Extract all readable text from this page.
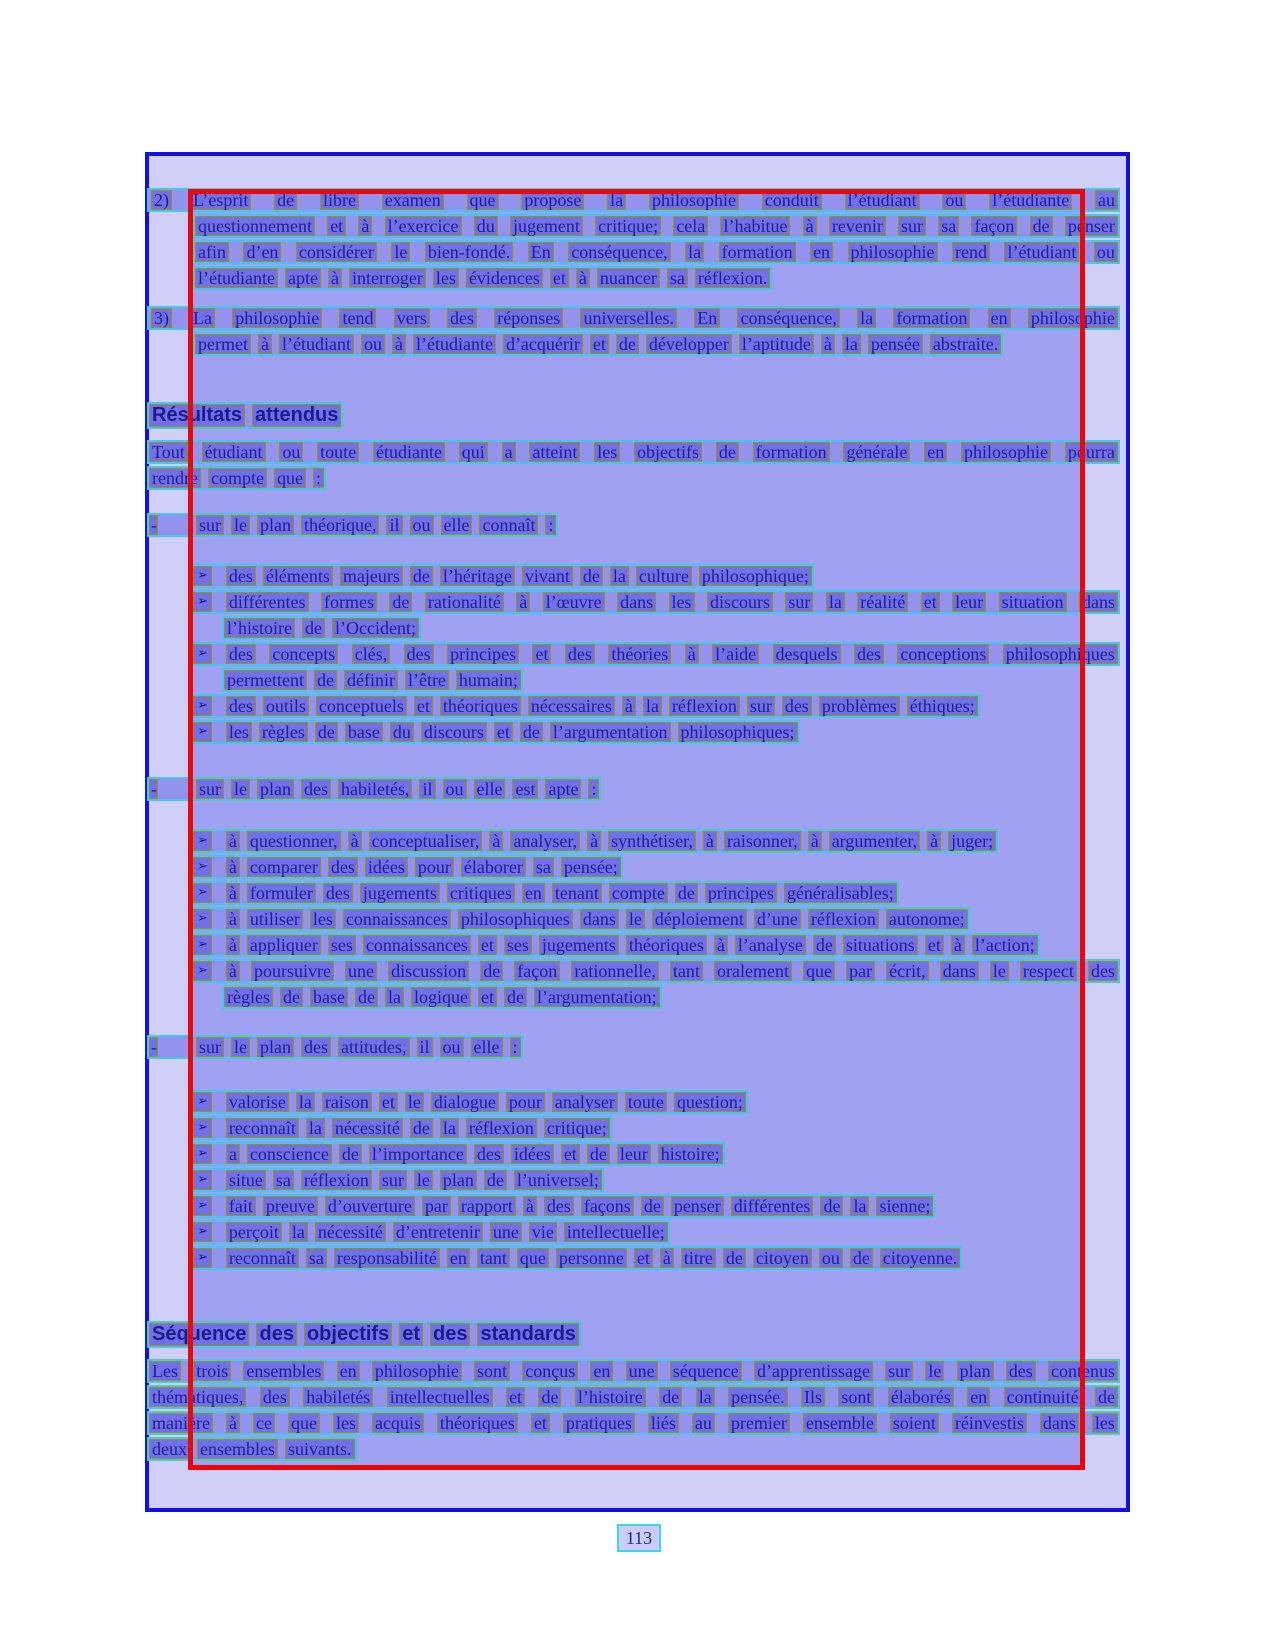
2) L’esprit de libre examen que propose la philosophie conduit l’étudiant ou l’étudiante au
questionnement et à l’exercice du jugement critique; cela l’habitue à revenir sur sa façon de penser
afin d’en considérer le bien-fondé. En conséquence, la formation en philosophie rend l’étudiant ou
l’étudiante apte à interroger les évidences et à nuancer sa réflexion.
3) La philosophie tend vers des réponses universelles. En conséquence, la formation en philosophie
permet à l’étudiant ou à l’étudiante d’acquérir et de développer l’aptitude à la pensée abstraite.
Résultats attendus
Tout étudiant ou toute étudiante qui a atteint les objectifs de formation générale en philosophie pourra
rendre compte que :
- sur le plan théorique, il ou elle connaît :
➢ des éléments majeurs de l’héritage vivant de la culture philosophique;
➢ différentes formes de rationalité à l’œuvre dans les discours sur la réalité et leur situation dans
l’histoire de l’Occident;
➢ des concepts clés, des principes et des théories à l’aide desquels des conceptions philosophiques
permettent de définir l’être humain;
➢ des outils conceptuels et théoriques nécessaires à la réflexion sur des problèmes éthiques;
➢ les règles de base du discours et de l’argumentation philosophiques;
- sur le plan des habiletés, il ou elle est apte :
➢ à questionner, à conceptualiser, à analyser, à synthétiser, à raisonner, à argumenter, à juger;
➢ à comparer des idées pour élaborer sa pensée;
➢ à formuler des jugements critiques en tenant compte de principes généralisables;
➢ à utiliser les connaissances philosophiques dans le déploiement d’une réflexion autonome;
➢ à appliquer ses connaissances et ses jugements théoriques à l’analyse de situations et à l’action;
➢ à poursuivre une discussion de façon rationnelle, tant oralement que par écrit, dans le respect des
règles de base de la logique et de l’argumentation;
- sur le plan des attitudes, il ou elle :
➢ valorise la raison et le dialogue pour analyser toute question;
➢ reconnaît la nécessité de la réflexion critique;
➢ a conscience de l’importance des idées et de leur histoire;
➢ situe sa réflexion sur le plan de l’universel;
➢ fait preuve d’ouverture par rapport à des façons de penser différentes de la sienne;
➢ perçoit la nécessité d’entretenir une vie intellectuelle;
➢ reconnaît sa responsabilité en tant que personne et à titre de citoyen ou de citoyenne.
Séquence des objectifs et des standards
Les trois ensembles en philosophie sont conçus en une séquence d’apprentissage sur le plan des contenus
thématiques, des habiletés intellectuelles et de l’histoire de la pensée. Ils sont élaborés en continuité de
manière à ce que les acquis théoriques et pratiques liés au premier ensemble soient réinvestis dans les
deux ensembles suivants.
113
